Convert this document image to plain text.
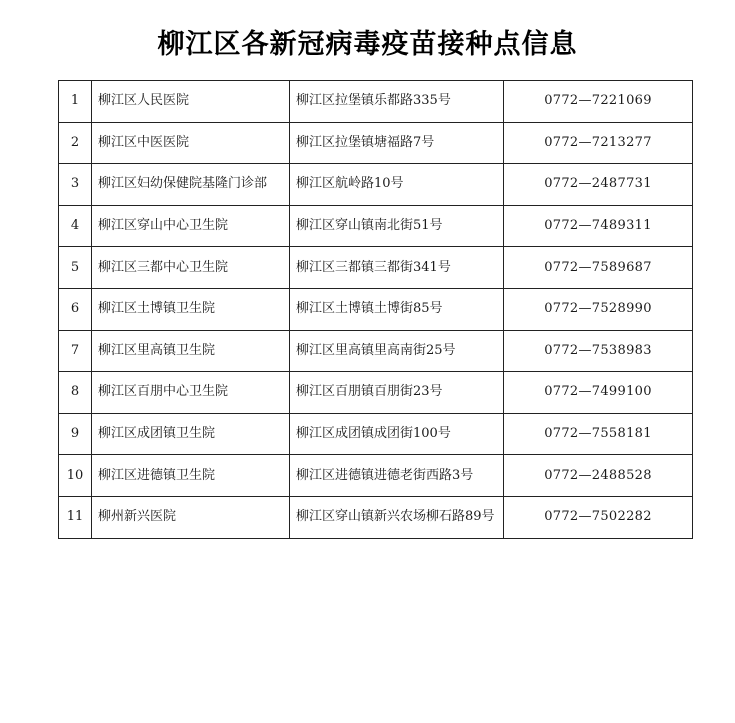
柳江区各新冠病毒疫苗接种点信息
1	柳江区人民医院	柳江区拉堡镇乐都路335号	0772—7221069
2	柳江区中医医院	柳江区拉堡镇塘福路7号	0772—7213277
3	柳江区妇幼保健院基隆门诊部	柳江区航岭路10号	0772—2487731
4	柳江区穿山中心卫生院	柳江区穿山镇南北街51号	0772—7489311
5	柳江区三都中心卫生院	柳江区三都镇三都街341号	0772—7589687
6	柳江区土博镇卫生院	柳江区土博镇土博街85号	0772—7528990
7	柳江区里高镇卫生院	柳江区里高镇里高南街25号	0772—7538983
8	柳江区百朋中心卫生院	柳江区百朋镇百朋街23号	0772—7499100
9	柳江区成团镇卫生院	柳江区成团镇成团街100号	0772—7558181
10	柳江区进德镇卫生院	柳江区进德镇进德老街西路3号	0772—2488528
11	柳州新兴医院	柳江区穿山镇新兴农场柳石路89号	0772—7502282
